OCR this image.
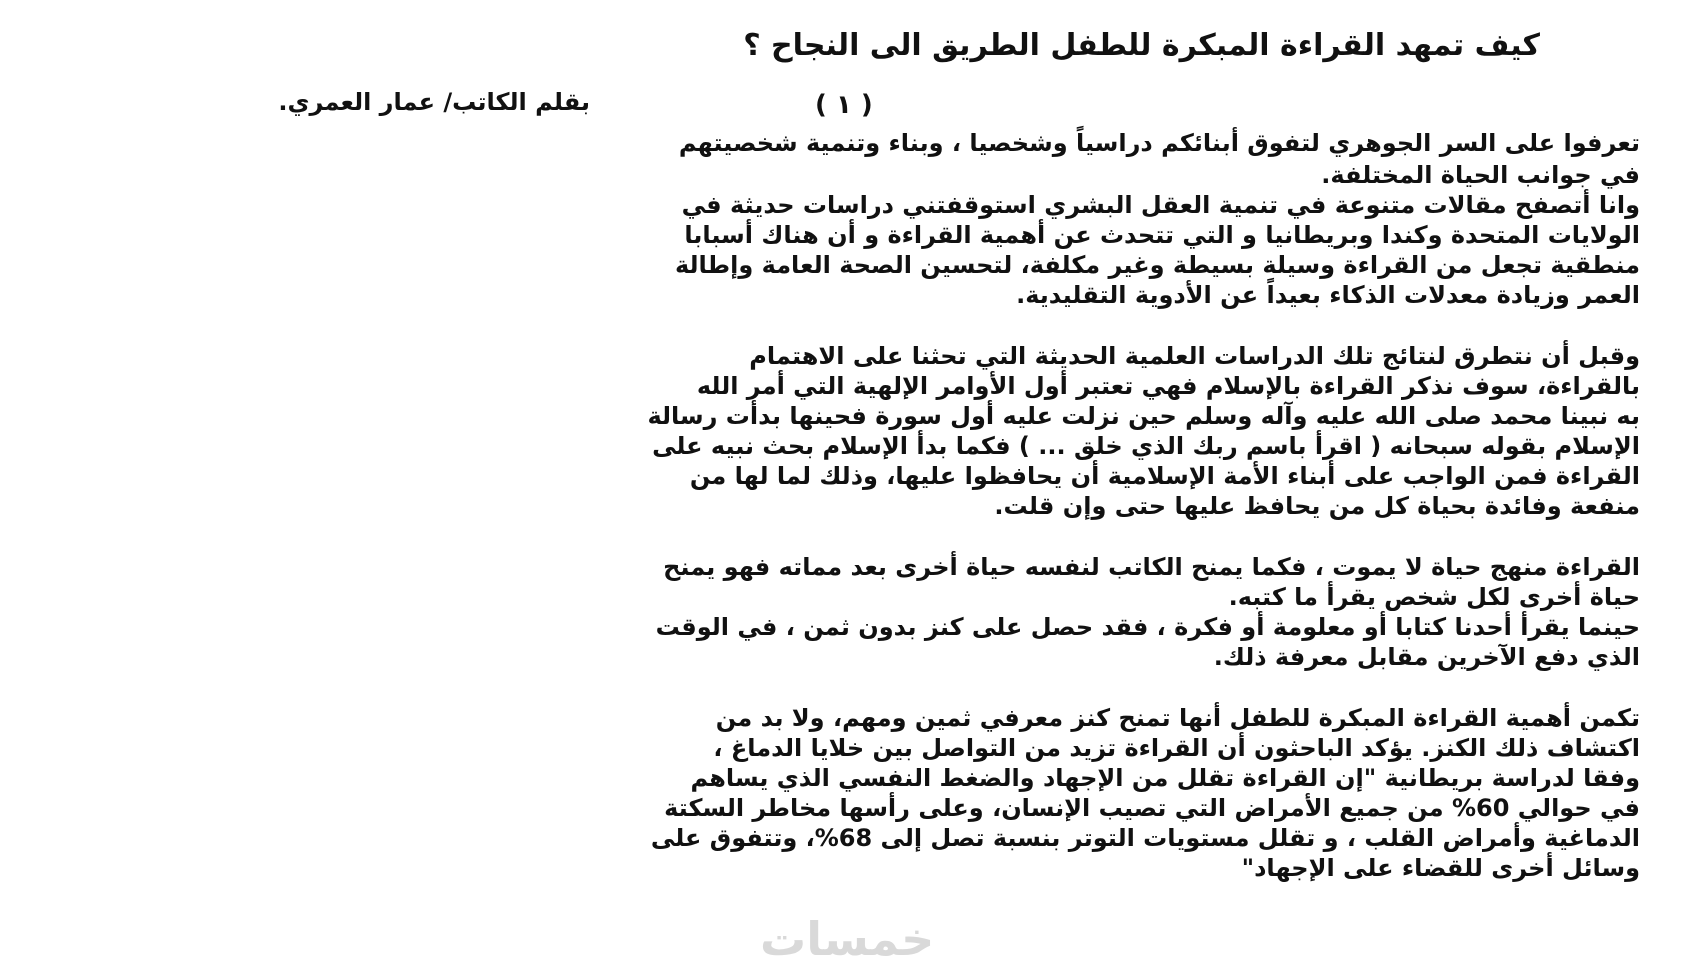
كيف تمهد القراءة المبكرة للطفل الطريق الى النجاح ؟
بقلم الكاتب/ عمار العمري.	( ١ )
تعرفوا على السر الجوهري لتفوق أبنائكم دراسياً وشخصيا ، وبناء وتنمية شخصيتهم
في جوانب الحياة المختلفة.
وانا أتصفح مقالات متنوعة في تنمية العقل البشري استوقفتني دراسات حديثة في
الولايات المتحدة وكندا وبريطانيا و التي تتحدث عن أهمية القراءة و أن هناك أسبابا
منطقية تجعل من القراءة وسيلة بسيطة وغير مكلفة، لتحسين الصحة العامة وإطالة
العمر وزيادة معدلات الذكاء بعيداً عن الأدوية التقليدية.
وقبل أن نتطرق لنتائج تلك الدراسات العلمية الحديثة التي تحثنا على الاهتمام
بالقراءة، سوف نذكر القراءة بالإسلام فهي تعتبر أول الأوامر الإلهية التي أمر الله
به نبينا محمد صلى الله عليه وآله وسلم حين نزلت عليه أول سورة فحينها بدأت رسالة
الإسلام بقوله سبحانه ( اقرأ باسم ربك الذي خلق ... ) فكما بدأ الإسلام بحث نبيه على
القراءة فمن الواجب على أبناء الأمة الإسلامية أن يحافظوا عليها، وذلك لما لها من
منفعة وفائدة بحياة كل من يحافظ عليها حتى وإن قلت.
القراءة منهج حياة لا يموت ، فكما يمنح الكاتب لنفسه حياة أخرى بعد مماته فهو يمنح
حياة أخرى لكل شخص يقرأ ما كتبه.
حينما يقرأ أحدنا كتابا أو معلومة أو فكرة ، فقد حصل على كنز بدون ثمن ، في الوقت
الذي دفع الآخرين مقابل معرفة ذلك.
تكمن أهمية القراءة المبكرة للطفل أنها تمنح كنز معرفي ثمين ومهم، ولا بد من
اكتشاف ذلك الكنز. يؤكد الباحثون أن القراءة تزيد من التواصل بين خلايا الدماغ ،
وفقا لدراسة بريطانية "إن القراءة تقلل من الإجهاد والضغط النفسي الذي يساهم
في حوالي 60% من جميع الأمراض التي تصيب الإنسان، وعلى رأسها مخاطر السكتة
الدماغية وأمراض القلب ، و تقلل مستويات التوتر بنسبة تصل إلى 68%، وتتفوق على
وسائل أخرى للقضاء على الإجهاد"
خمسات
